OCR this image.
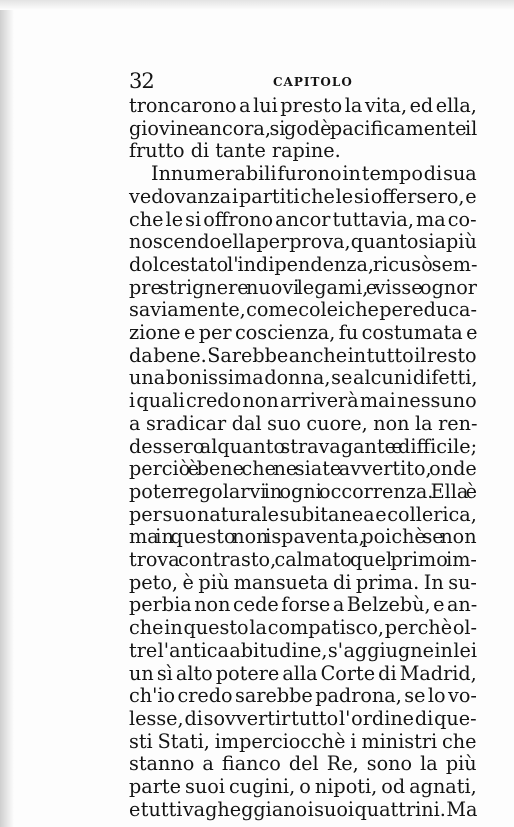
32	CAPITOLO
troncarono a lui presto la vita, ed ella,
giovine ancora, si godè pacificamente il
frutto di tante rapine.
Innumerabili furono in tempo di sua
vedovanza i partiti che le si offersero, e
che le si offrono ancor tuttavia, ma co-
noscendo ella per prova, quanto sia più
dolce stato l' indipendenza, ricusò sem-
pre strignere nuovi legami, e visse ognor
saviamente, come colei che per educa-
zione e per coscienza, fu costumata e
da bene. Sarebbe anche in tutto il resto
una bonissima donna, se alcuni difetti,
i quali credo non arriverà mai nessuno
a sradicar dal suo cuore, non la ren-
dessero alquanto stravagante e difficile;
perciò è bene che ne siate avvertito, onde
poter regolarvi in ogni occorrenza. Ella è
per suo naturale subitanea e collerica,
ma in questo non ispaventa, poichè se non
trova contrasto, calmato quel primo im-
peto, è più mansueta di prima. In su-
perbia non cede forse a Belzebù, e an-
che in questo la compatisco, perchè ol-
tre l'antica abitudine, s' aggiugne in lei
un sì alto potere alla Corte di Madrid,
ch'io credo sarebbe padrona, se lo vo-
lesse, di sovvertir tutto l' ordine di que-
sti Stati, imperciocchè i ministri che
stanno a fianco del Re, sono la più
parte suoi cugini, o nipoti, od agnati,
e tutti vagheggiano i suoi quattrini. Ma
